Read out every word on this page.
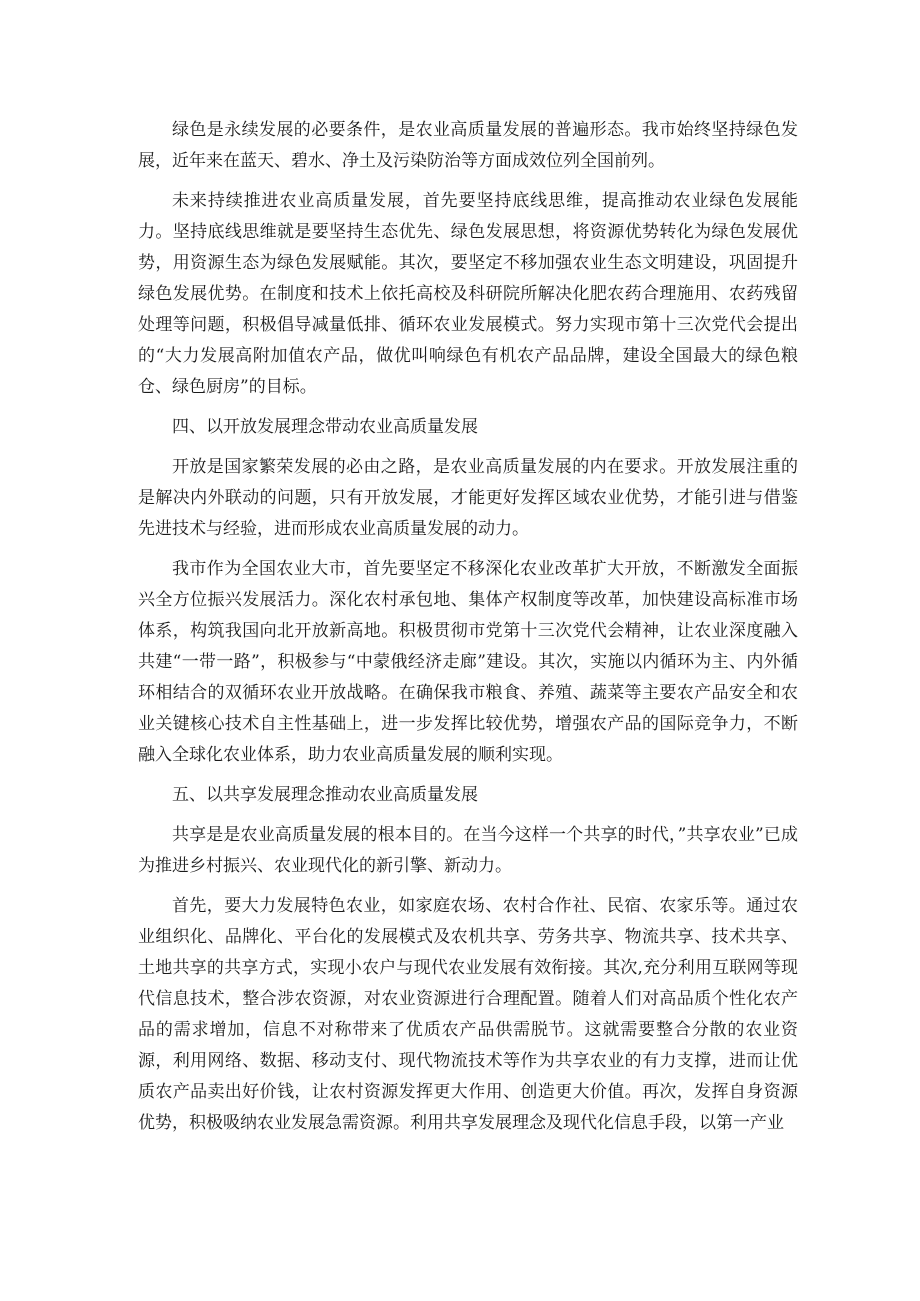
绿色是永续发展的必要条件，是农业高质量发展的普遍形态。我市始终坚持绿色发展，近年来在蓝天、碧水、净土及污染防治等方面成效位列全国前列。

未来持续推进农业高质量发展，首先要坚持底线思维，提高推动农业绿色发展能力。坚持底线思维就是要坚持生态优先、绿色发展思想，将资源优势转化为绿色发展优势，用资源生态为绿色发展赋能。其次，要坚定不移加强农业生态文明建设，巩固提升绿色发展优势。在制度和技术上依托高校及科研院所解决化肥农药合理施用、农药残留处理等问题，积极倡导减量低排、循环农业发展模式。努力实现市第十三次党代会提出的“大力发展高附加值农产品，做优叫响绿色有机农产品品牌，建设全国最大的绿色粮仓、绿色厨房”的目标。

四、以开放发展理念带动农业高质量发展

开放是国家繁荣发展的必由之路，是农业高质量发展的内在要求。开放发展注重的是解决内外联动的问题，只有开放发展，才能更好发挥区域农业优势，才能引进与借鉴先进技术与经验，进而形成农业高质量发展的动力。

我市作为全国农业大市，首先要坚定不移深化农业改革扩大开放，不断激发全面振兴全方位振兴发展活力。深化农村承包地、集体产权制度等改革，加快建设高标准市场体系，构筑我国向北开放新高地。积极贯彻市党第十三次党代会精神，让农业深度融入共建“一带一路”，积极参与“中蒙俄经济走廊”建设。其次，实施以内循环为主、内外循环相结合的双循环农业开放战略。在确保我市粮食、养殖、蔬菜等主要农产品安全和农业关键核心技术自主性基础上，进一步发挥比较优势，增强农产品的国际竞争力，不断融入全球化农业体系，助力农业高质量发展的顺利实现。

五、以共享发展理念推动农业高质量发展

共享是是农业高质量发展的根本目的。在当今这样一个共享的时代，”共享农业”已成为推进乡村振兴、农业现代化的新引擎、新动力。

首先，要大力发展特色农业，如家庭农场、农村合作社、民宿、农家乐等。通过农业组织化、品牌化、平台化的发展模式及农机共享、劳务共享、物流共享、技术共享、土地共享的共享方式，实现小农户与现代农业发展有效衔接。其次,充分利用互联网等现代信息技术，整合涉农资源，对农业资源进行合理配置。随着人们对高品质个性化农产品的需求增加，信息不对称带来了优质农产品供需脱节。这就需要整合分散的农业资源，利用网络、数据、移动支付、现代物流技术等作为共享农业的有力支撑，进而让优质农产品卖出好价钱，让农村资源发挥更大作用、创造更大价值。再次，发挥自身资源优势，积极吸纳农业发展急需资源。利用共享发展理念及现代化信息手段，以第一产业
